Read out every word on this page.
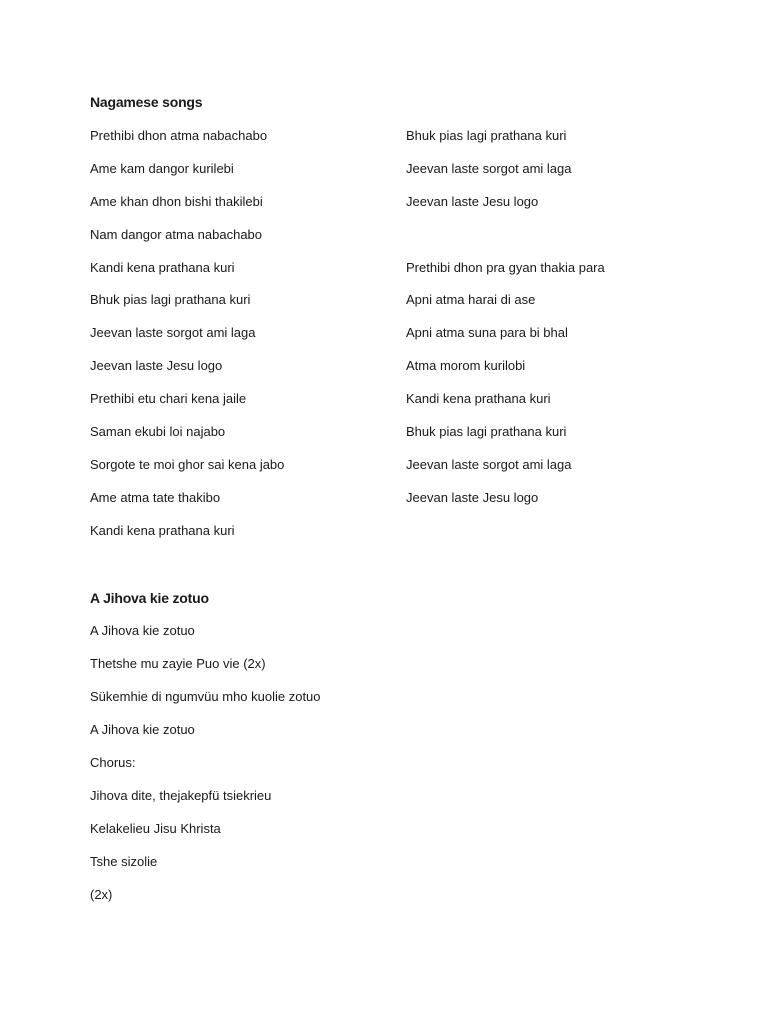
Nagamese songs
Prethibi dhon atma nabachabo
Ame kam dangor kurilebi
Ame khan dhon bishi thakilebi
Nam dangor atma nabachabo
Kandi kena prathana kuri
Bhuk pias lagi prathana kuri
Jeevan laste sorgot ami laga
Jeevan laste Jesu logo
Prethibi etu chari kena jaile
Saman ekubi loi najabo
Sorgote te moi ghor sai kena jabo
Ame atma tate thakibo
Kandi kena prathana kuri
Bhuk pias lagi prathana kuri
Jeevan laste sorgot ami laga
Jeevan laste Jesu logo
Prethibi dhon pra gyan thakia para
Apni atma harai di ase
Apni atma suna para bi bhal
Atma morom kurilobi
Kandi kena prathana kuri
Bhuk pias lagi prathana kuri
Jeevan laste sorgot ami laga
Jeevan laste Jesu logo
A Jihova kie zotuo
A Jihova kie zotuo
Thetshe mu zayie Puo vie (2x)
Sükemhie di ngumvüu mho kuolie zotuo
A Jihova kie zotuo
Chorus:
Jihova dite, thejakepfü tsiekrieu
Kelakelieu Jisu Khrista
Tshe sizolie
(2x)
